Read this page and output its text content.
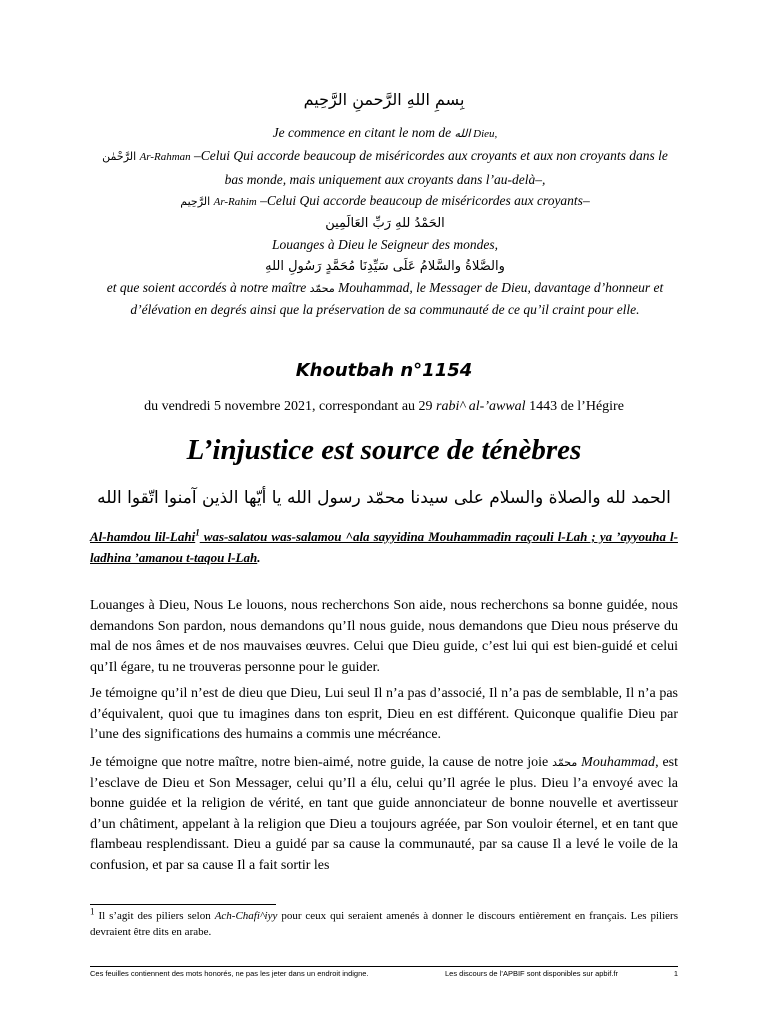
بِسمِ اللهِ الرَّحمنِ الرَّحِيم

Je commence en citant le nom de الله Dieu,

الرَّحْمٰن Ar-Rahman –Celui Qui accorde beaucoup de miséricordes aux croyants et aux non croyants dans le bas monde, mais uniquement aux croyants dans l’au-delà–,

الرَّحِيم Ar-Rahim –Celui Qui accorde beaucoup de miséricordes aux croyants–

الحَمْدُ للهِ رَبِّ العَالَمِين

Louanges à Dieu le Seigneur des mondes,

والصَّلاةُ والسَّلامُ عَلَى سَيِّدِنَا مُحَمَّدٍ رَسُولِ اللهِ

et que soient accordés à notre maître محمّد Mouhammad, le Messager de Dieu, davantage d’honneur et d’élévation en degrés ainsi que la préservation de sa communauté de ce qu’il craint pour elle.

Khoutbah n°1154
du vendredi 5 novembre 2021, correspondant au 29 rabi^ al-’awwal 1443 de l’Hégire
L’injustice est source de ténèbres
الحمد لله والصلاة والسلام على سيدنا محمّد رسول الله يا أيّها الذين آمنوا اتّقوا الله
Al-hamdou lil-Lahi$^1$ was-salatou was-salamou ^ala sayyidina Mouhammadin raçouli l-Lah ; ya ’ayyouha l-ladhina ’amanou t-taqou l-Lah.

Louanges à Dieu, Nous Le louons, nous recherchons Son aide, nous recherchons sa bonne guidée, nous demandons Son pardon, nous demandons qu’Il nous guide, nous demandons que Dieu nous préserve du mal de nos âmes et de nos mauvaises œuvres. Celui que Dieu guide, c’est lui qui est bien-guidé et celui qu’Il égare, tu ne trouveras personne pour le guider.

Je témoigne qu’il n’est de dieu que Dieu, Lui seul Il n’a pas d’associé, Il n’a pas de semblable, Il n’a pas d’équivalent, quoi que tu imagines dans ton esprit, Dieu en est différent. Quiconque qualifie Dieu par l’une des significations des humains a commis une mécréance.

Je témoigne que notre maître, notre bien-aimé, notre guide, la cause de notre joie محمّد Mouhammad, est l’esclave de Dieu et Son Messager, celui qu’Il a élu, celui qu’Il agrée le plus. Dieu l’a envoyé avec la bonne guidée et la religion de vérité, en tant que guide annonciateur de bonne nouvelle et avertisseur d’un châtiment, appelant à la religion que Dieu a toujours agréée, par Son vouloir éternel, et en tant que flambeau resplendissant. Dieu a guidé par sa cause la communauté, par sa cause Il a levé le voile de la confusion, et par sa cause Il a fait sortir les

$^1$ Il s’agit des piliers selon Ach-Chafi^iyy pour ceux qui seraient amenés à donner le discours entièrement en français. Les piliers devraient être dits en arabe.
Ces feuilles contiennent des mots honorés, ne pas les jeter dans un endroit indigne.	Les discours de l’APBIF sont disponibles sur apbif.fr	1
